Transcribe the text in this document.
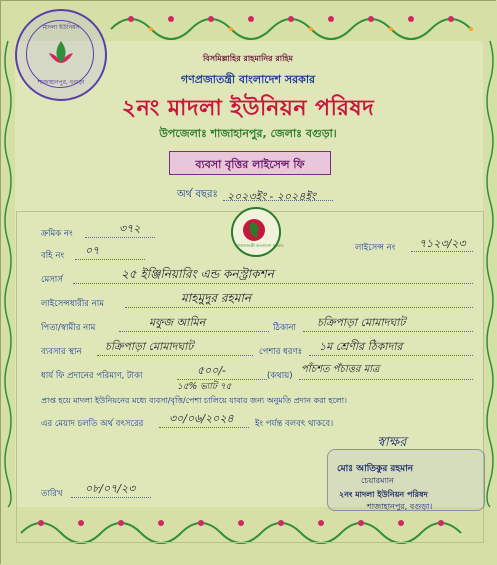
মাদলা ইউনিয়ন
শাজাহানপুর, বগুড়া
বিসমিল্লাহির রাহমানির রাহিম
গণপ্রজাতন্ত্রী বাংলাদেশ সরকার
২নং মাদলা ইউনিয়ন পরিষদ
উপজেলাঃ শাজাহানপুর, জেলাঃ বগুড়া।
ব্যবসা বৃত্তির লাইসেন্স ফি
অর্থ বছরঃ ২০২৩ইং - ২০২৪ইং
গণপ্রজাতন্ত্রী বাংলাদেশ সরকার
ক্রমিক নং	৩৭২
বহি নং ০৭	লাইসেন্স নং ৭১২৩/২৩
মেসার্স	২৫ ইঞ্জিনিয়ারিং এন্ড কনস্ট্রাকশন
লাইসেন্সধারীর নাম	মাহমুদুর রহমান
পিতা/স্বামীর নাম	মফুজ আমিন	ঠিকানা চক্রিপাড়া মোমাদঘাট
ব্যবসার স্থান চক্রিপাড়া মোমাদঘাট	পেশার ধরণঃ ১ম শ্রেণীর ঠিকাদার
ধার্য ফি প্রদানের পরিমাণ, টাকা	৫০০/-
১৫% ভ্যাট ৭৫
(কথায়)
পাঁচশত পঁচাত্তর মাত্র
প্রাপ্ত হয়ে মাদলা ইউনিয়নের মধ্যে ব্যবসা/বৃত্তি/পেশা চালিয়ে যাবার জন্য অনুমতি প্রদান করা হলো।
এর মেয়াদ চলতি অর্থ বৎসরের ৩০/০৬/২০২৪	ইং পর্যন্ত বলবৎ থাকবে।
স্বাক্ষর
মোঃ আতিকুর রহমান
চেয়ারম্যান
২নং মাদলা ইউনিয়ন পরিষদ
শাজাহানপুর, বগুড়া।
তারিখ ০৮/০৭/২৩
